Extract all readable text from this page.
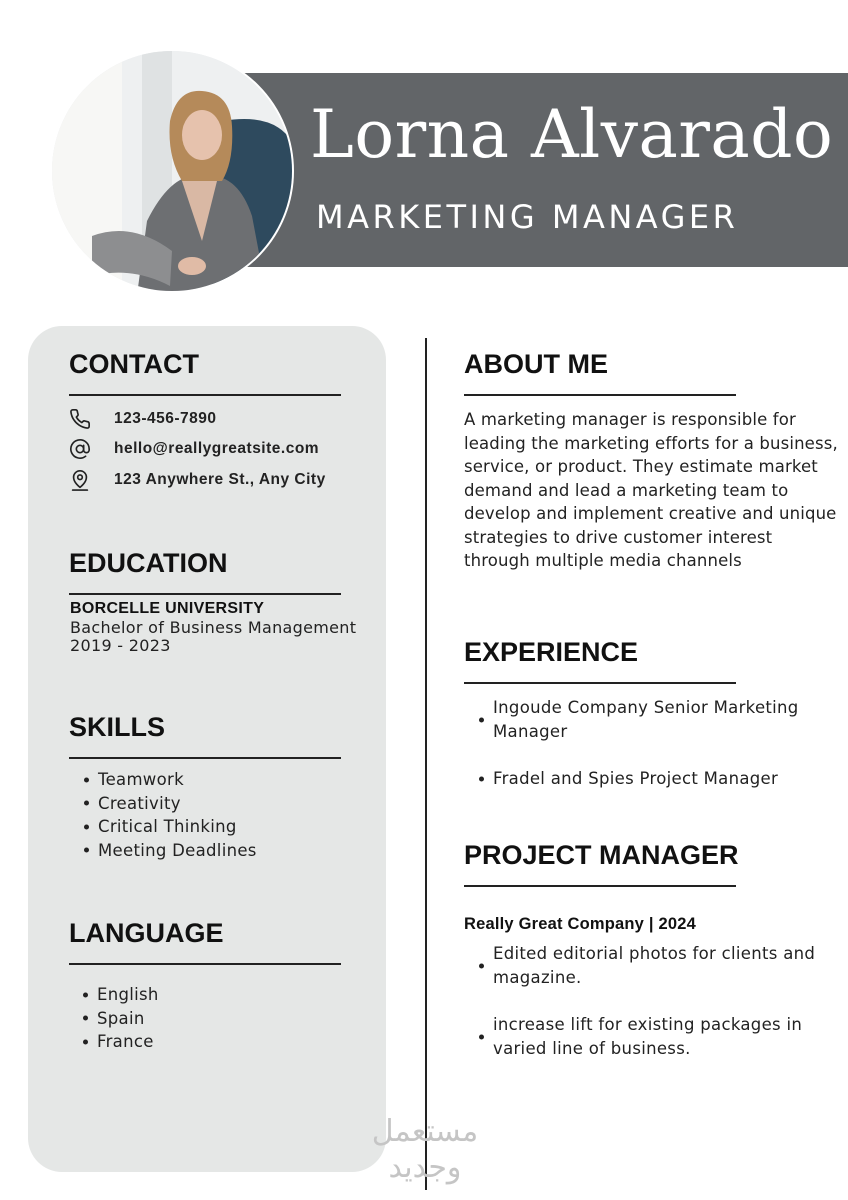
Lorna Alvarado
MARKETING MANAGER
CONTACT
123-456-7890
hello@reallygreatsite.com
123 Anywhere St., Any City
EDUCATION
BORCELLE UNIVERSITY
Bachelor of Business Management
2019 - 2023
SKILLS
Teamwork
Creativity
Critical Thinking
Meeting Deadlines
LANGUAGE
English
Spain
France
ABOUT ME
A marketing manager is responsible for leading the marketing efforts for a business, service, or product. They estimate market demand and lead a marketing team to develop and implement creative and unique strategies to drive customer interest through multiple media channels
EXPERIENCE
Ingoude Company Senior Marketing Manager
Fradel and Spies Project Manager
PROJECT MANAGER
Really Great Company | 2024
Edited editorial photos for clients and magazine.
increase lift for existing packages in varied line of business.
مستعمل
وجديد
